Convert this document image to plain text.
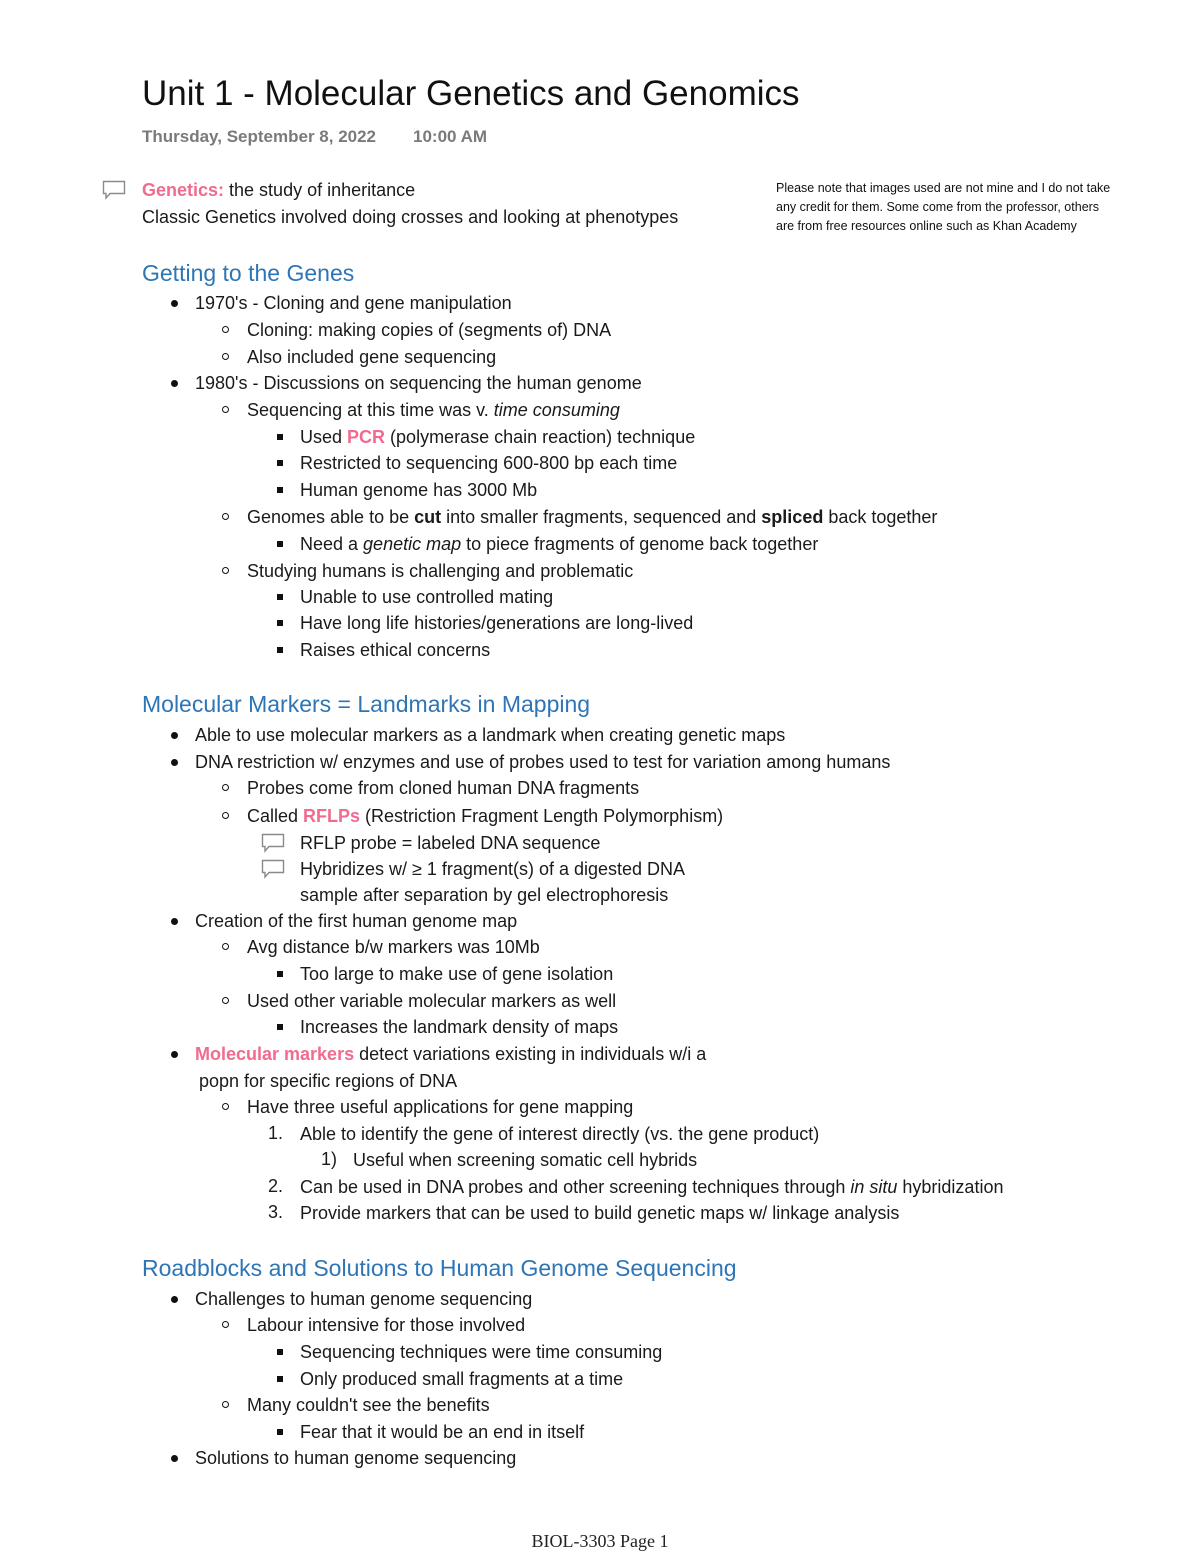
Unit 1 - Molecular Genetics and Genomics
Thursday, September 8, 2022 10:00 AM
Genetics: the study of inheritance
Classic Genetics involved doing crosses and looking at phenotypes
Please note that images used are not mine and I do not take any credit for them. Some come from the professor, others are from free resources online such as Khan Academy
Getting to the Genes
1970's - Cloning and gene manipulation
Cloning: making copies of (segments of) DNA
Also included gene sequencing
1980's - Discussions on sequencing the human genome
Sequencing at this time was v. time consuming
Used PCR (polymerase chain reaction) technique
Restricted to sequencing 600-800 bp each time
Human genome has 3000 Mb
Genomes able to be cut into smaller fragments, sequenced and spliced back together
Need a genetic map to piece fragments of genome back together
Studying humans is challenging and problematic
Unable to use controlled mating
Have long life histories/generations are long-lived
Raises ethical concerns
Molecular Markers = Landmarks in Mapping
Able to use molecular markers as a landmark when creating genetic maps
DNA restriction w/ enzymes and use of probes used to test for variation among humans
Probes come from cloned human DNA fragments
Called RFLPs (Restriction Fragment Length Polymorphism)
RFLP probe = labeled DNA sequence
Hybridizes w/ ≥ 1 fragment(s) of a digested DNA
sample after separation by gel electrophoresis
Creation of the first human genome map
Avg distance b/w markers was 10Mb
Too large to make use of gene isolation
Used other variable molecular markers as well
Increases the landmark density of maps
Molecular markers detect variations existing in individuals w/i a
popn for specific regions of DNA
Have three useful applications for gene mapping
1. Able to identify the gene of interest directly (vs. the gene product)
1) Useful when screening somatic cell hybrids
2. Can be used in DNA probes and other screening techniques through in situ hybridization
3. Provide markers that can be used to build genetic maps w/ linkage analysis
Roadblocks and Solutions to Human Genome Sequencing
Challenges to human genome sequencing
Labour intensive for those involved
Sequencing techniques were time consuming
Only produced small fragments at a time
Many couldn't see the benefits
Fear that it would be an end in itself
Solutions to human genome sequencing
BIOL-3303 Page 1
